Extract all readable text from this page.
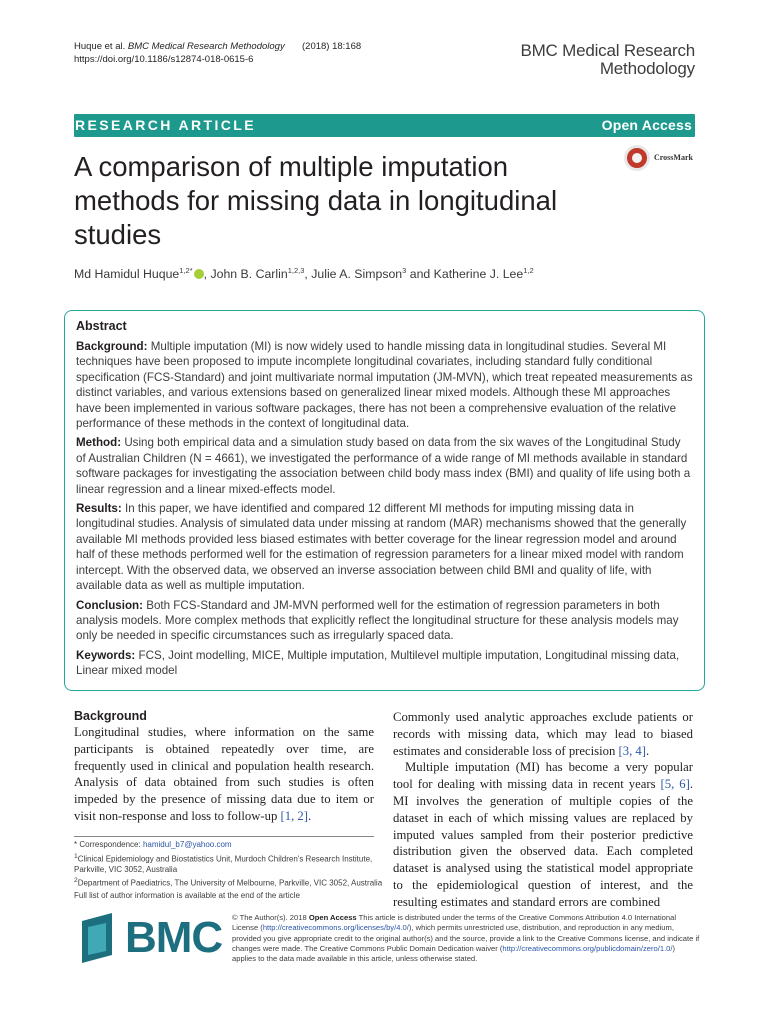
Huque et al. BMC Medical Research Methodology (2018) 18:168
https://doi.org/10.1186/s12874-018-0615-6	BMC Medical Research
Methodology
RESEARCH ARTICLE	Open Access
A comparison of multiple imputation methods for missing data in longitudinal studies
CrossMark
Md Hamidul Huque$^{1,2*}$ , John B. Carlin$^{1,2,3}$, Julie A. Simpson$^3$ and Katherine J. Lee$^{1,2}$
Abstract

Background: Multiple imputation (MI) is now widely used to handle missing data in longitudinal studies. Several MI techniques have been proposed to impute incomplete longitudinal covariates, including standard fully conditional specification (FCS-Standard) and joint multivariate normal imputation (JM-MVN), which treat repeated measurements as distinct variables, and various extensions based on generalized linear mixed models. Although these MI approaches have been implemented in various software packages, there has not been a comprehensive evaluation of the relative performance of these methods in the context of longitudinal data.

Method: Using both empirical data and a simulation study based on data from the six waves of the Longitudinal Study of Australian Children (N = 4661), we investigated the performance of a wide range of MI methods available in standard software packages for investigating the association between child body mass index (BMI) and quality of life using both a linear regression and a linear mixed-effects model.

Results: In this paper, we have identified and compared 12 different MI methods for imputing missing data in longitudinal studies. Analysis of simulated data under missing at random (MAR) mechanisms showed that the generally available MI methods provided less biased estimates with better coverage for the linear regression model and around half of these methods performed well for the estimation of regression parameters for a linear mixed model with random intercept. With the observed data, we observed an inverse association between child BMI and quality of life, with available data as well as multiple imputation.

Conclusion: Both FCS-Standard and JM-MVN performed well for the estimation of regression parameters in both analysis models. More complex methods that explicitly reflect the longitudinal structure for these analysis models may only be needed in specific circumstances such as irregularly spaced data.

Keywords: FCS, Joint modelling, MICE, Multiple imputation, Multilevel multiple imputation, Longitudinal missing data, Linear mixed model

Background

Longitudinal studies, where information on the same participants is obtained repeatedly over time, are frequently used in clinical and population health research. Analysis of data obtained from such studies is often impeded by the presence of missing data due to item or visit non-response and loss to follow-up [1, 2].

Commonly used analytic approaches exclude patients or records with missing data, which may lead to biased estimates and considerable loss of precision [3, 4].

Multiple imputation (MI) has become a very popular tool for dealing with missing data in recent years [5, 6]. MI involves the generation of multiple copies of the dataset in each of which missing values are replaced by imputed values sampled from their posterior predictive distribution given the observed data. Each completed dataset is analysed using the statistical model appropriate to the epidemiological question of interest, and the resulting estimates and standard errors are combined

* Correspondence: hamidul_b7@yahoo.com

$^1$Clinical Epidemiology and Biostatistics Unit, Murdoch Children's Research Institute, Parkville, VIC 3052, Australia

$^2$Department of Paediatrics, The University of Melbourne, Parkville, VIC 3052, Australia

Full list of author information is available at the end of the article

BMC © The Author(s). 2018 Open Access This article is distributed under the terms of the Creative Commons Attribution 4.0 International License (http://creativecommons.org/licenses/by/4.0/), which permits unrestricted use, distribution, and reproduction in any medium, provided you give appropriate credit to the original author(s) and the source, provide a link to the Creative Commons license, and indicate if changes were made. The Creative Commons Public Domain Dedication waiver (http://creativecommons.org/publicdomain/zero/1.0/) applies to the data made available in this article, unless otherwise stated.
